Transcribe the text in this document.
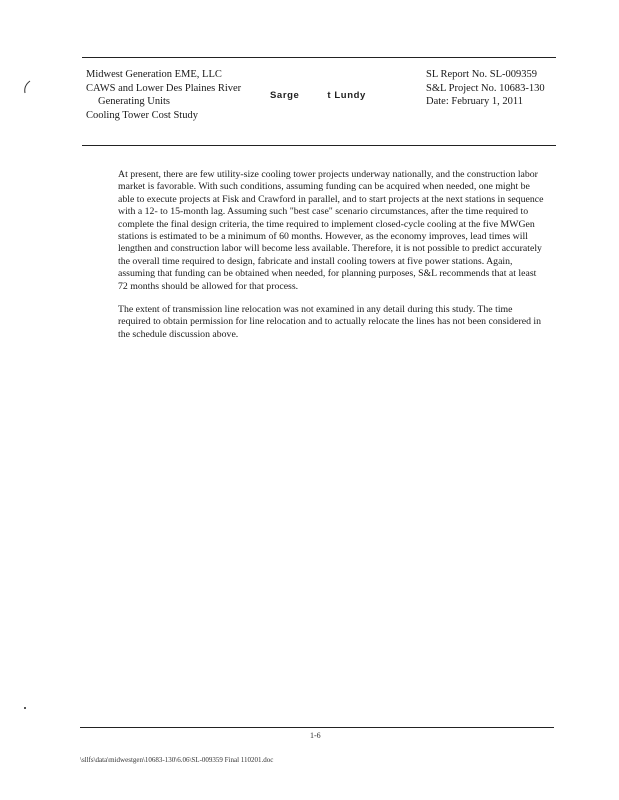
Midwest Generation EME, LLC
CAWS and Lower Des Plaines River
Generating Units
Cooling Tower Cost Study
Sarge	t Lundy
SL Report No. SL-009359
S&L Project No. 10683-130
Date: February 1, 2011

At present, there are few utility-size cooling tower projects underway nationally, and the construction labor market is favorable. With such conditions, assuming funding can be acquired when needed, one might be able to execute projects at Fisk and Crawford in parallel, and to start projects at the next stations in sequence with a 12- to 15-month lag. Assuming such "best case" scenario circumstances, after the time required to complete the final design criteria, the time required to implement closed-cycle cooling at the five MWGen stations is estimated to be a minimum of 60 months. However, as the economy improves, lead times will lengthen and construction labor will become less available. Therefore, it is not possible to predict accurately the overall time required to design, fabricate and install cooling towers at five power stations. Again, assuming that funding can be obtained when needed, for planning purposes, S&L recommends that at least 72 months should be allowed for that process.

The extent of transmission line relocation was not examined in any detail during this study. The time required to obtain permission for line relocation and to actually relocate the lines has not been considered in the schedule discussion above.

1-6
\sllfs\data\midwestgen\10683-130\6.06\SL-009359 Final 110201.doc
